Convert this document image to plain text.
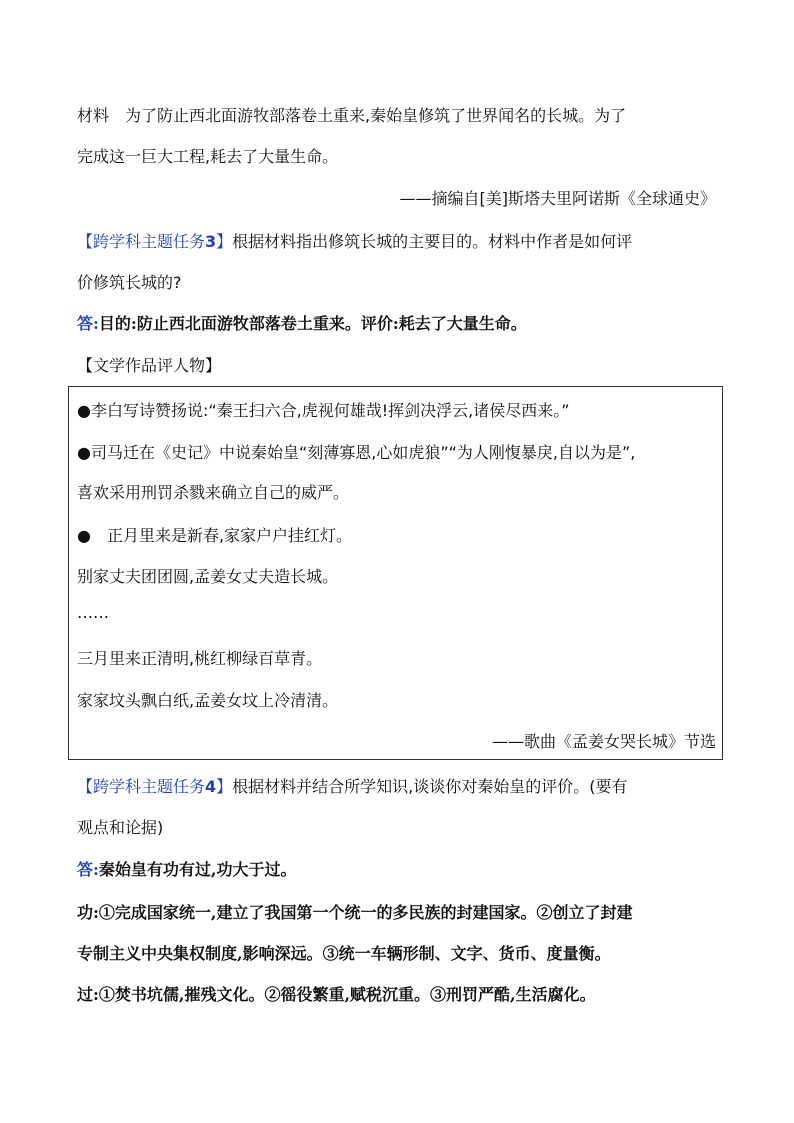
材料　为了防止西北面游牧部落卷土重来,秦始皇修筑了世界闻名的长城。为了
完成这一巨大工程,耗去了大量生命。
——摘编自[美]斯塔夫里阿诺斯《全球通史》
【跨学科主题任务3】根据材料指出修筑长城的主要目的。材料中作者是如何评
价修筑长城的?
答:目的:防止西北面游牧部落卷土重来。评价:耗去了大量生命。
【文学作品评人物】
●李白写诗赞扬说:“秦王扫六合,虎视何雄哉!挥剑决浮云,诸侯尽西来。”
●司马迁在《史记》中说秦始皇“刻薄寡恩,心如虎狼”“为人刚愎暴戾,自以为是”,
喜欢采用刑罚杀戮来确立自己的威严。
●　正月里来是新春,家家户户挂红灯。
别家丈夫团团圆,孟姜女丈夫造长城。
……
三月里来正清明,桃红柳绿百草青。
家家坟头飘白纸,孟姜女坟上冷清清。
——歌曲《孟姜女哭长城》节选
【跨学科主题任务4】根据材料并结合所学知识,谈谈你对秦始皇的评价。(要有
观点和论据)
答:秦始皇有功有过,功大于过。
功:①完成国家统一,建立了我国第一个统一的多民族的封建国家。②创立了封建
专制主义中央集权制度,影响深远。③统一车辆形制、文字、货币、度量衡。
过:①焚书坑儒,摧残文化。②徭役繁重,赋税沉重。③刑罚严酷,生活腐化。
